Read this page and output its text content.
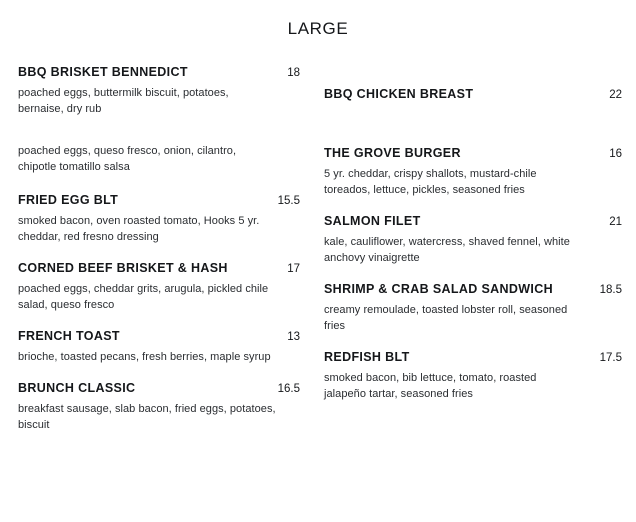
LARGE
BBQ BRISKET BENNEDICT	18
poached eggs, buttermilk biscuit, potatoes, bernaise, dry rub
poached eggs, queso fresco, onion, cilantro, chipotle tomatillo salsa
FRIED EGG BLT	15.5
smoked bacon, oven roasted tomato, Hooks 5 yr. cheddar, red fresno dressing
CORNED BEEF BRISKET & HASH	17
poached eggs, cheddar grits, arugula, pickled chile salad, queso fresco
FRENCH TOAST	13
brioche, toasted pecans, fresh berries, maple syrup
BRUNCH CLASSIC	16.5
breakfast sausage, slab bacon, fried eggs, potatoes, biscuit
BBQ CHICKEN BREAST	22
THE GROVE BURGER	16
5 yr. cheddar, crispy shallots, mustard-chile toreados, lettuce, pickles, seasoned fries
SALMON FILET	21
kale, cauliflower, watercress, shaved fennel, white anchovy vinaigrette
SHRIMP & CRAB SALAD SANDWICH	18.5
creamy remoulade, toasted lobster roll, seasoned fries
REDFISH BLT	17.5
smoked bacon, bib lettuce, tomato, roasted jalapeño tartar, seasoned fries
